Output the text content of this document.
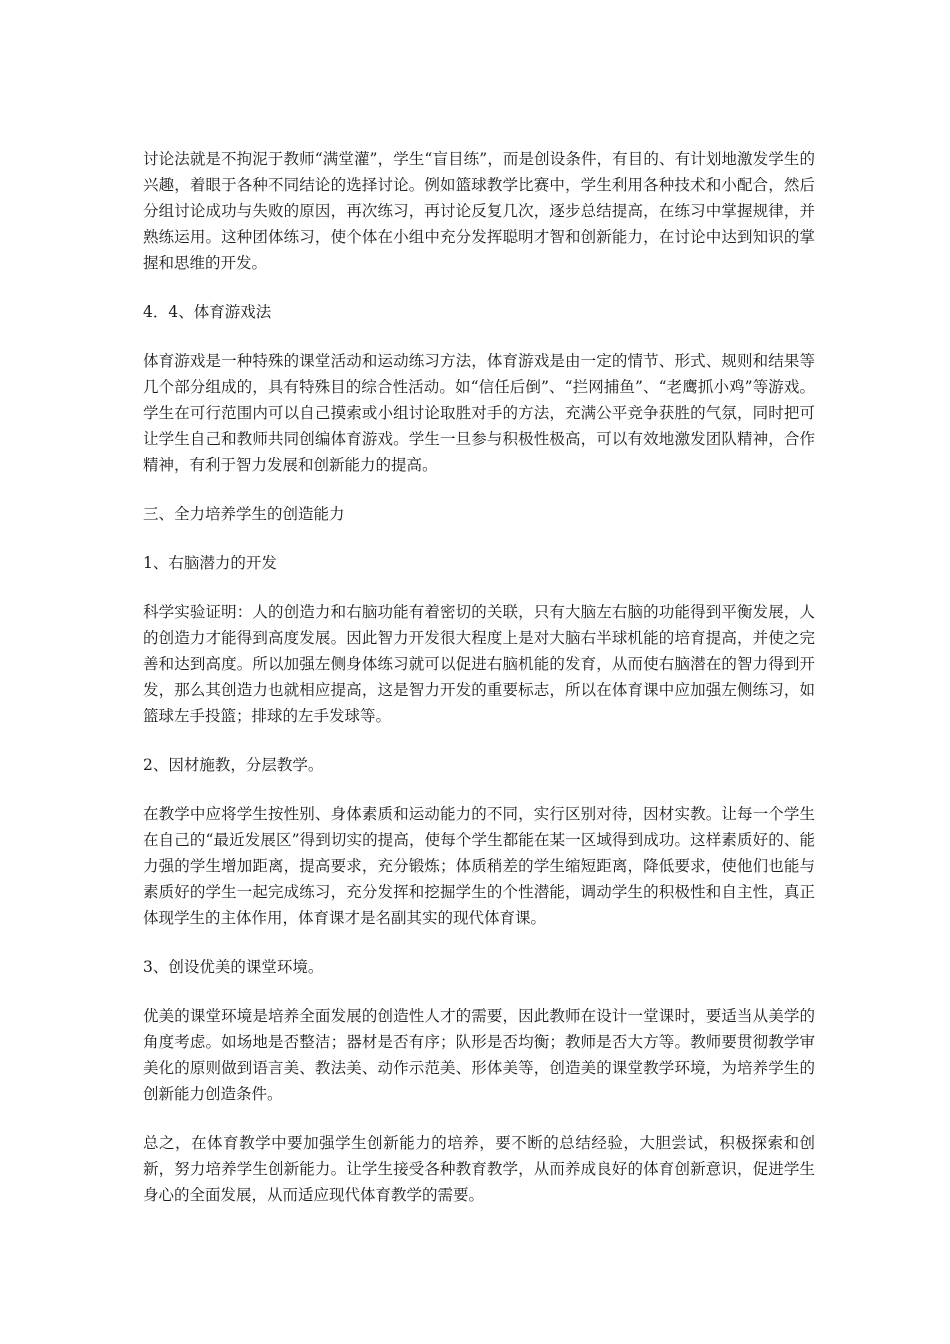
讨论法就是不拘泥于教师“满堂灌”，学生“盲目练”，而是创设条件，有目的、有计划地激发学生的兴趣，着眼于各种不同结论的选择讨论。例如篮球教学比赛中，学生利用各种技术和小配合，然后分组讨论成功与失败的原因，再次练习，再讨论反复几次，逐步总结提高，在练习中掌握规律，并熟练运用。这种团体练习，使个体在小组中充分发挥聪明才智和创新能力，在讨论中达到知识的掌握和思维的开发。

4．4、体育游戏法

体育游戏是一种特殊的课堂活动和运动练习方法，体育游戏是由一定的情节、形式、规则和结果等几个部分组成的，具有特殊目的综合性活动。如“信任后倒”、“拦网捕鱼”、“老鹰抓小鸡”等游戏。学生在可行范围内可以自己摸索或小组讨论取胜对手的方法，充满公平竞争获胜的气氛，同时把可让学生自己和教师共同创编体育游戏。学生一旦参与积极性极高，可以有效地激发团队精神，合作精神，有利于智力发展和创新能力的提高。

三、全力培养学生的创造能力

1、右脑潜力的开发

科学实验证明：人的创造力和右脑功能有着密切的关联，只有大脑左右脑的功能得到平衡发展，人的创造力才能得到高度发展。因此智力开发很大程度上是对大脑右半球机能的培育提高，并使之完善和达到高度。所以加强左侧身体练习就可以促进右脑机能的发育，从而使右脑潜在的智力得到开发，那么其创造力也就相应提高，这是智力开发的重要标志，所以在体育课中应加强左侧练习，如篮球左手投篮；排球的左手发球等。

2、因材施教，分层教学。

在教学中应将学生按性别、身体素质和运动能力的不同，实行区别对待，因材实教。让每一个学生在自己的“最近发展区”得到切实的提高，使每个学生都能在某一区域得到成功。这样素质好的、能力强的学生增加距离，提高要求，充分锻炼；体质稍差的学生缩短距离，降低要求，使他们也能与素质好的学生一起完成练习，充分发挥和挖掘学生的个性潜能，调动学生的积极性和自主性，真正体现学生的主体作用，体育课才是名副其实的现代体育课。

3、创设优美的课堂环境。

优美的课堂环境是培养全面发展的创造性人才的需要，因此教师在设计一堂课时，要适当从美学的角度考虑。如场地是否整洁；器材是否有序；队形是否均衡；教师是否大方等。教师要贯彻教学审美化的原则做到语言美、教法美、动作示范美、形体美等，创造美的课堂教学环境，为培养学生的创新能力创造条件。

总之，在体育教学中要加强学生创新能力的培养，要不断的总结经验，大胆尝试，积极探索和创新，努力培养学生创新能力。让学生接受各种教育教学，从而养成良好的体育创新意识，促进学生身心的全面发展，从而适应现代体育教学的需要。
